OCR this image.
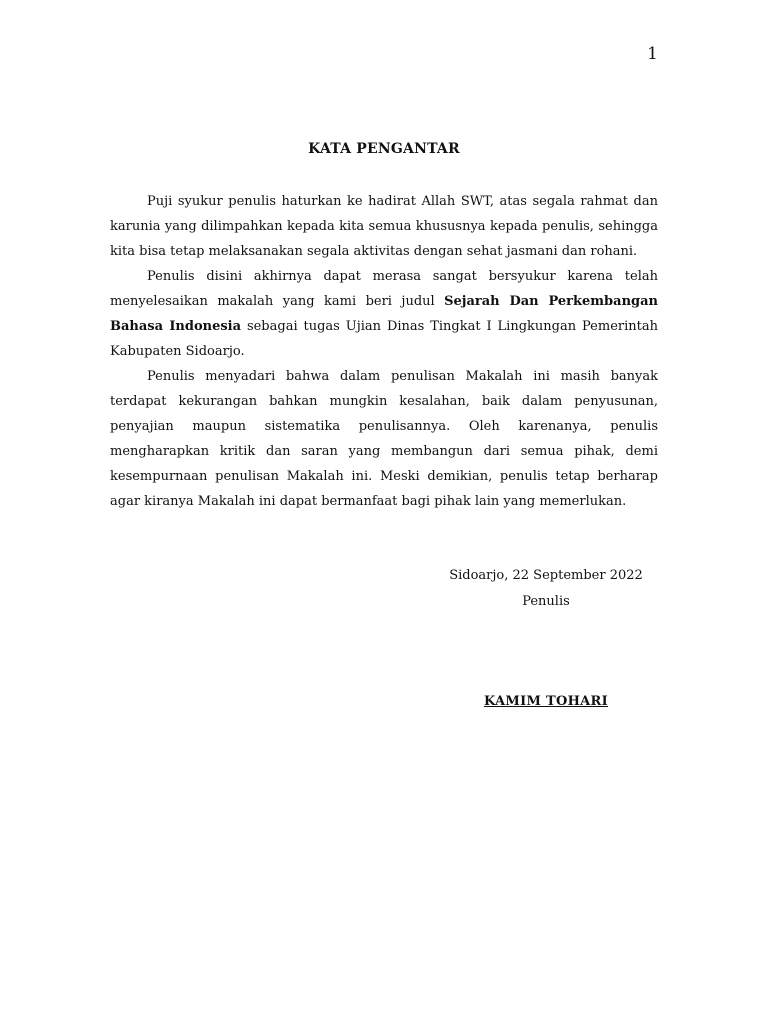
1
KATA PENGANTAR

Puji syukur penulis haturkan ke hadirat Allah SWT, atas segala rahmat dan karunia yang dilimpahkan kepada kita semua khususnya kepada penulis, sehingga kita bisa tetap melaksanakan segala aktivitas dengan sehat jasmani dan rohani.

Penulis disini akhirnya dapat merasa sangat bersyukur karena telah menyelesaikan makalah yang kami beri judul Sejarah Dan Perkembangan Bahasa Indonesia sebagai tugas Ujian Dinas Tingkat I Lingkungan Pemerintah Kabupaten Sidoarjo.

Penulis menyadari bahwa dalam penulisan Makalah ini masih banyak terdapat kekurangan bahkan mungkin kesalahan, baik dalam penyusunan, penyajian maupun sistematika penulisannya. Oleh karenanya, penulis mengharapkan kritik dan saran yang membangun dari semua pihak, demi kesempurnaan penulisan Makalah ini. Meski demikian, penulis tetap berharap agar kiranya Makalah ini dapat bermanfaat bagi pihak lain yang memerlukan.

Sidoarjo, 22 September 2022
Penulis
KAMIM TOHARI
